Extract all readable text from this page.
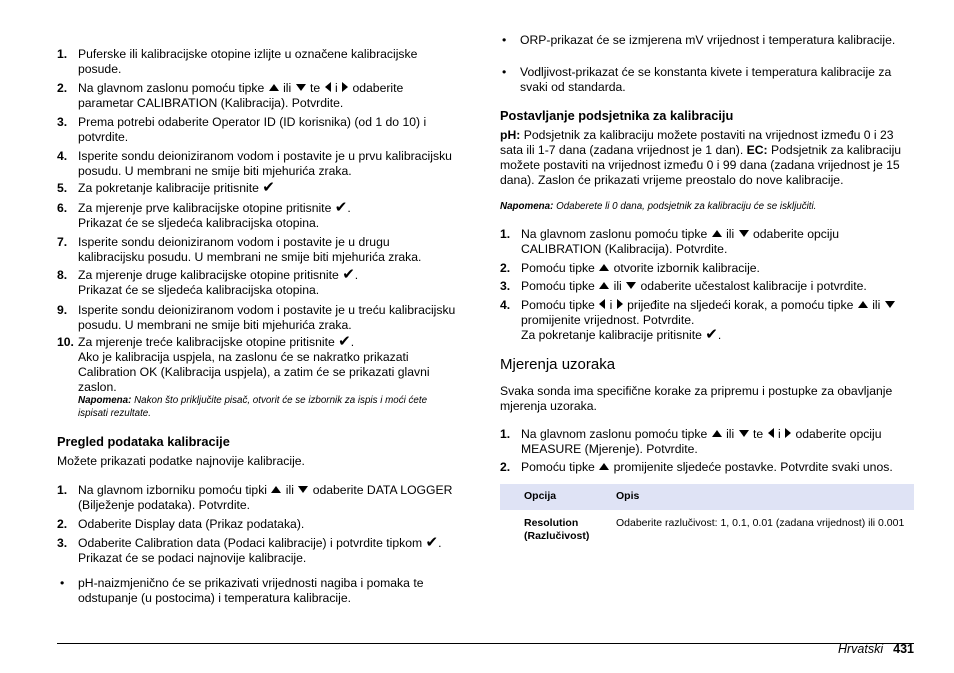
1. Puferske ili kalibracijske otopine izlijte u označene kalibracijske posude.
2. Na glavnom zaslonu pomoću tipke ili te i odaberite parametar CALIBRATION (Kalibracija). Potvrdite.
3. Prema potrebi odaberite Operator ID (ID korisnika) (od 1 do 10) i potvrdite.
4. Isperite sondu deioniziranom vodom i postavite je u prvu kalibracijsku posudu. U membrani ne smije biti mjehurića zraka.
5. Za pokretanje kalibracije pritisnite ✔
6. Za mjerenje prve kalibracijske otopine pritisnite ✔.
Prikazat će se sljedeća kalibracijska otopina.
7. Isperite sondu deioniziranom vodom i postavite je u drugu kalibracijsku posudu. U membrani ne smije biti mjehurića zraka.
8. Za mjerenje druge kalibracijske otopine pritisnite ✔.
Prikazat će se sljedeća kalibracijska otopina.
9. Isperite sondu deioniziranom vodom i postavite je u treću kalibracijsku posudu. U membrani ne smije biti mjehurića zraka.
10. Za mjerenje treće kalibracijske otopine pritisnite ✔.
Ako je kalibracija uspjela, na zaslonu će se nakratko prikazati Calibration OK (Kalibracija uspjela), a zatim će se prikazati glavni zaslon.
Napomena: Nakon što priključite pisač, otvorit će se izbornik za ispis i moći ćete ispisati rezultate.
Pregled podataka kalibracije
Možete prikazati podatke najnovije kalibracije.
1. Na glavnom izborniku pomoću tipki ili odaberite DATA LOGGER (Bilježenje podataka). Potvrdite.
2. Odaberite Display data (Prikaz podataka).
3. Odaberite Calibration data (Podaci kalibracije) i potvrdite tipkom ✔.
Prikazat će se podaci najnovije kalibracije.
• pH-naizmjenično će se prikazivati vrijednosti nagiba i pomaka te odstupanje (u postocima) i temperatura kalibracije.
• ORP-prikazat će se izmjerena mV vrijednost i temperatura kalibracije.
• Vodljivost-prikazat će se konstanta kivete i temperatura kalibracije za svaki od standarda.
Postavljanje podsjetnika za kalibraciju
pH: Podsjetnik za kalibraciju možete postaviti na vrijednost između 0 i 23 sata ili 1-7 dana (zadana vrijednost je 1 dan). EC: Podsjetnik za kalibraciju možete postaviti na vrijednost između 0 i 99 dana (zadana vrijednost je 15 dana). Zaslon će prikazati vrijeme preostalo do nove kalibracije.
Napomena: Odaberete li 0 dana, podsjetnik za kalibraciju će se isključiti.
1. Na glavnom zaslonu pomoću tipke ili odaberite opciju CALIBRATION (Kalibracija). Potvrdite.
2. Pomoću tipke otvorite izbornik kalibracije.
3. Pomoću tipke ili odaberite učestalost kalibracije i potvrdite.
4. Pomoću tipke i prijeđite na sljedeći korak, a pomoću tipke ili  promijenite vrijednost. Potvrdite.
Za pokretanje kalibracije pritisnite ✔.
Mjerenja uzoraka
Svaka sonda ima specifične korake za pripremu i postupke za obavljanje mjerenja uzoraka.
1. Na glavnom zaslonu pomoću tipke ili te i odaberite opciju MEASURE (Mjerenje). Potvrdite.
2. Pomoću tipke promijenite sljedeće postavke. Potvrdite svaki unos.
Opcija	Opis
Resolution (Razlučivost)	Odaberite razlučivost: 1, 0.1, 0.01 (zadana vrijednost) ili 0.001
Hrvatski 431
